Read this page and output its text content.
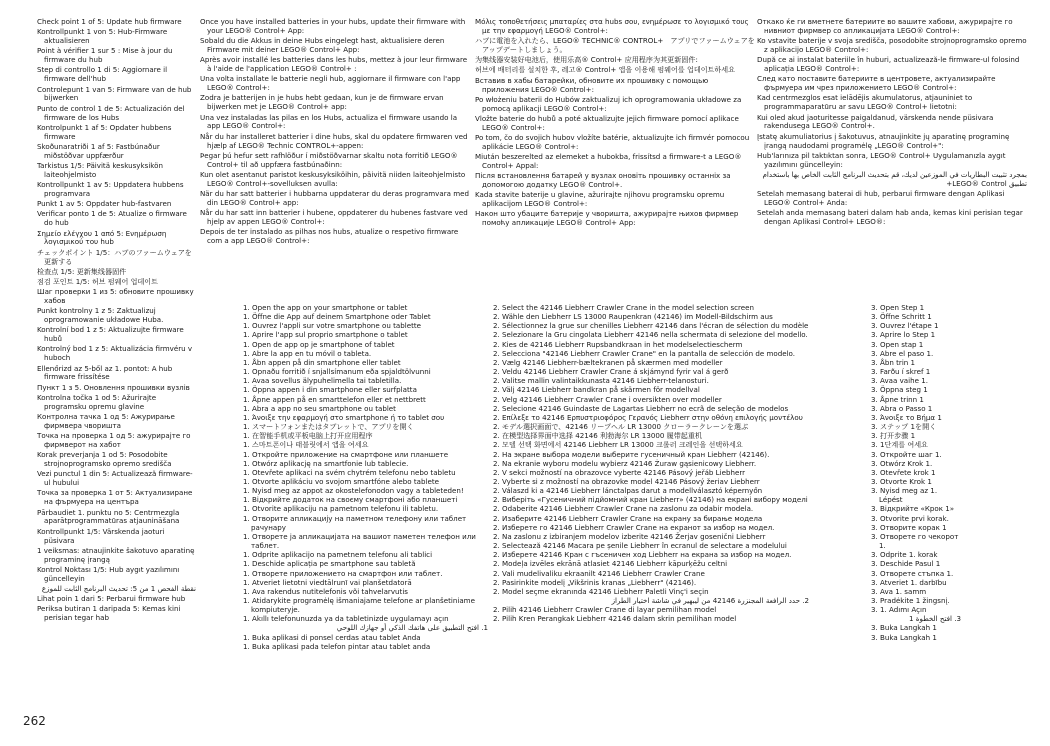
Check point 1 of 5: Update hub firmware

Kontrollpunkt 1 von 5: Hub-Firmware aktualisieren

Point à vérifier 1 sur 5 : Mise à jour du firmware du hub

Step di controllo 1 di 5: Aggiornare il firmware dell'hub

Controlepunt 1 van 5: Firmware van de hub bijwerken

Punto de control 1 de 5: Actualización del firmware de los Hubs

Kontrolpunkt 1 af 5: Opdater hubbens firmware

Skoðunaratriði 1 af 5: Fastbúnaður miðstöðvar uppfærður

Tarkistus 1/5: Päivitä keskusyksikön laiteohjelmisto

Kontrollpunkt 1 av 5: Uppdatera hubbens programvara

Punkt 1 av 5: Oppdater hub-fastvaren

Verificar ponto 1 de 5: Atualize o firmware do hub

Σημείο ελέγχου 1 από 5: Ενημέρωση λογισμικού του hub

チェックポイント 1/5：ハブのファームウェアを更新する

检查点 1/5: 更新集线器固件

점검 포인트 1/5: 허브 펌웨어 업데이트

Шаг проверки 1 из 5: обновите прошивку хабов

Punkt kontrolny 1 z 5: Zaktualizuj oprogramowanie układowe Huba.

Kontrolní bod 1 z 5: Aktualizujte firmware hubů

Kontrolný bod 1 z 5: Aktualizácia firmvéru v huboch

Ellenőrizd az 5-ből az 1. pontot: A hub firmware frissítése

Пункт 1 з 5. Оновлення прошивки вузлів

Kontrolna točka 1 od 5: Ažurirajte programsku opremu glavine

Контролна тачка 1 од 5: Ажурирање фирмвера чворишта

Точка на проверка 1 од 5: ажурирајте го фирмверот на хабот

Korak preverjanja 1 od 5: Posodobite strojnoprogramsko opremo središča

Vezi punctul 1 din 5: Actualizează firmware-ul hubului

Точка за проверка 1 от 5: Актуализиране на фърмуера на центъра

Pārbaudiet 1. punktu no 5: Centrmezgla aparātprogrammatūras atjaunināšana

Kontrollpunkt 1/5: Värskenda jaoturi püsivara

1 veiksmas: atnaujinkite šakotuvo aparatinę programinę įrangą

Kontrol Noktası 1/5: Hub aygıt yazılımını güncelleyin

نقطة الفحص 1 من 5: تحديث البرنامج الثابت للموزع

Lihat poin 1 dari 5: Perbarui firmware hub

Periksa butiran 1 daripada 5: Kemas kini perisian tegar hab

Once you have installed batteries in your hubs, update their firmware with your LEGO® Control+ App:

Sobald du die Akkus in deine Hubs eingelegt hast, aktualisiere deren Firmware mit deiner LEGO® Control+ App:

Après avoir installé les batteries dans les hubs, mettez à jour leur firmware à l'aide de l'application LEGO® Control+ :

Una volta installate le batterie negli hub, aggiornare il firmware con l'app LEGO® Control+:

Zodra je batterijen in je hubs hebt gedaan, kun je de firmware ervan bijwerken met je LEGO® Control+ app:

Una vez instaladas las pilas en los Hubs, actualiza el firmware usando la app LEGO® Control+:

Når du har installeret batterier i dine hubs, skal du opdatere firmwaren ved hjælp af LEGO® Technic CONTROL+-appen:

Þegar þú hefur sett rafhlöður í miðstöðvarnar skaltu nota forritið LEGO® Control+ til að uppfæra fastbúnaðinn:

Kun olet asentanut paristot keskusyksiköihin, päivitä niiden laiteohjelmisto LEGO® Control+-sovelluksen avulla:

När du har satt batterier i hubbarna uppdaterar du deras programvara med din LEGO® Control+ app:

Når du har satt inn batterier i hubene, oppdaterer du hubenes fastvare ved hjelp av appen LEGO® Control+:

Depois de ter instalado as pilhas nos hubs, atualize o respetivo firmware com a app LEGO® Control+:

Μόλις τοποθετήσεις μπαταρίες στα hubs σου, ενημέρωσε το λογισμικό τους με την εφαρμογή LEGO® Control+:

ハブに電池を入れたら、LEGO® TECHNIC® CONTROL+　アプリでファームウェアをアップデートしましょう。

为集线器安装好电池后，使用乐高® Control+ 应用程序为其更新固件:

허브에 배터리를 설치한 후, 레고® Control+ 앱을 이용해 펌웨어를 업데이트하세요

Вставив в хабы батарейки, обновите их прошивку с помощью приложения LEGO® Control+:

Po włożeniu baterii do Hubów zaktualizuj ich oprogramowania układowe za pomocą aplikacji LEGO® Control+:

Vložte baterie do hubů a poté aktualizujte jejich firmware pomocí aplikace LEGO® Control+:

Po tom, čo do svojich hubov vložíte batérie, aktualizujte ich firmvér pomocou aplikácie LEGO® Control+:

Miután beszerelted az elemeket a hubokba, frissítsd a firmware-t a LEGO® Control+ Appal:

Після встановлення батарей у вузлах оновіть прошивку останніх за допомогою додатку LEGO® Control+.

Kada stavite baterije u glavine, ažurirajte njihovu programsku opremu aplikacijom LEGO® Control+:

Након што убаците батерије у чворишта, ажурирајте њихов фирмвер помоћу апликације LEGO® Control+ App:

Откако ќе ги вметнете батериите во вашите хабови, ажурирајте го нивниот фирмвер со апликацијата LEGO® Control+:

Ko vstavite baterije v svoja središča, posodobite strojnoprogramsko opremo z aplikacijo LEGO® Control+:

După ce ai instalat bateriile în huburi, actualizează-le firmware-ul folosind aplicația LEGO® Control+:

След като поставите батериите в центровете, актуализирайте фърмуера им чрез приложението LEGO® Control+:

Kad centrmezglos esat ielādējis akumulatorus, atjauniniet to programmaparatūru ar savu LEGO® Control+ lietotni:

Kui oled akud jaoturitesse paigaldanud, värskenda nende püsivara rakendusega LEGO® Control+.

Įstatę akumuliatorius į šakotuvus, atnaujinkite jų aparatinę programinę įrangą naudodami programėlę „LEGO® Control+":

Hub'larınıza pil taktıktan sonra, LEGO® Control+ Uygulamanızla aygıt yazılımını güncelleyin:

بمجرد تثبيت البطاريات في الموزعين لديك، قم بتحديث البرنامج الثابت الخاص بها باستخدام تطبيق LEGO® Control+

Setelah memasang baterai di hub, perbarui firmware dengan Aplikasi LEGO® Control+ Anda:

Setelah anda memasang bateri dalam hab anda, kemas kini perisian tegar dengan Aplikasi Control+ LEGO®:

1. Open the app on your smartphone or tablet

1. Öffne die App auf deinem Smartphone oder Tablet

1. Ouvrez l'appli sur votre smartphone ou tablette

1. Aprire l'app sul proprio smartphone o tablet

1. Open de app op je smartphone of tablet

1. Abre la app en tu móvil o tableta.

1. Åbn appen på din smartphone eller tablet

1. Opnaðu forritið í snjallsímanum eða spjaldtölvunni

1. Avaa sovellus älypuhelimella tai tabletilla.

1. Öppna appen i din smartphone eller surfplatta

1. Åpne appen på en smarttelefon eller et nettbrett

1. Abra a app no seu smartphone ou tablet

1. Άνοιξε την εφαρμογή στο smartphone ή το tablet σου

1. スマートフォンまたはタブレットで、アプリを開く

1. 在智能手机或平板电脑上打开应用程序

1. 스마트폰이나 태블릿에서 앱을 여세요

1. Откройте приложение на смартфоне или планшете

1. Otwórz aplikację na smartfonie lub tablecie.

1. Otevřete aplikaci na svém chytrém telefonu nebo tabletu

1. Otvorte aplikáciu vo svojom smartfóne alebo tablete

1. Nyisd meg az appot az okostelefonodon vagy a tableteden!

1. Відкрийте додаток на своєму смартфоні або планшеті

1. Otvorite aplikaciju na pametnom telefonu ili tabletu.

1. Отворите апликацију на паметном телефону или таблет рачунару

1. Отворете ја апликацијата на вашиот паметен телефон или таблет.

1. Odprite aplikacijo na pametnem telefonu ali tablici

1. Deschide aplicația pe smartphone sau tabletă

1. Отворете приложението на смартфон или таблет.

1. Atveriet lietotni viedtālrunī vai planšetdatorā

1. Ava rakendus nutitelefonis või tahvelarvutis

1. Atidarykite programėlę išmaniajame telefone ar planšetiniame kompiuteryje.

1. Akıllı telefonunuzda ya da tabletinizde uygulamayı açın

1. افتح التطبيق على هاتفك الذكي أو جهازك اللوحي

1. Buka aplikasi di ponsel cerdas atau tablet Anda

1. Buka aplikasi pada telefon pintar atau tablet anda

2. Select the 42146 Liebherr Crawler Crane in the model selection screen

2. Wähle den Liebherr LS 13000 Raupenkran (42146) im Modell-Bildschirm aus

2. Sélectionnez la grue sur chenilles Liebherr 42146 dans l'écran de sélection du modèle

2. Selezionare la Gru cingolata Liebherr 42146 nella schermata di selezione del modello.

2. Kies de 42146 Liebherr Rupsbandkraan in het modelselectiescherm

2. Selecciona "42146 Liebherr Crawler Crane" en la pantalla de selección de modelo.

2. Vælg 42146 Liebherr-bæltekranen på skærmen med modeller

2. Veldu 42146 Liebherr Crawler Crane á skjámynd fyrir val á gerð

2. Valitse mallin valintaikkunasta 42146 Liebherr-telanosturi.

2. Välj 42146 Liebherr bandkran på skärmen för modellval

2. Velg 42146 Liebherr Crawler Crane i oversikten over modeller

2. Selecione 42146 Guindaste de Lagartas Liebherr no ecrã de seleção de modelos

2. Επίλεξε το 42146 Ερπυστριοφόρος Γερανός Liebherr στην οθόνη επιλογής μοντέλου

2. モデル選択画面で、42146 リープヘル LR 13000 クローラークレーンを選ぶ

2. 在模型选择界面中选择 42146 利勃海尔 LR 13000 履带起重机

2. 모델 선택 화면에서 42146 Liebherr LR 13000 크롤러 크레인을 선택하세요

2. На экране выбора модели выберите гусеничный кран Liebherr (42146).

2. Na ekranie wyboru modelu wybierz 42146 Żuraw gąsienicowy Liebherr.

2. V sekci možností na obrazovce vyberte 42146 Pásový jeřáb Liebherr

2. Vyberte si z možností na obrazovke model 42146 Pásový žeriav Liebherr

2. Válaszd ki a 42146 Liebherr lánctalpas darut a modellválasztó képernyőn

2. Виберіть «Гусеничний підйомний кран Liebherr» (42146) на екрані вибору моделі

2. Odaberite 42146 Liebherr Crawler Crane na zaslonu za odabir modela.

2. Изаберите 42146 Liebherr Crawler Crane на екрану за бирање модела

2. Изберете го 42146 Liebherr Crawler Crane на екранот за избор на модел.

2. Na zaslonu z izbiranjem modelov izberite 42146 Žerjav gosenični Liebherr

2. Selectează 42146 Macara pe șenile Liebherr în ecranul de selectare a modelului

2. Изберете 42146 Кран с гъсеничен ход Liebherr на екрана за избор на модел.

2. Modeļa izvēles ekrānā atlasiet 42146 Liebherr kāpurķēžu celtni

2. Vali mudelivaliku ekraanilt 42146 Liebherr Crawler Crane

2. Pasirinkite modelį „Vikšrinis kranas „Liebherr" (42146).

2. Model seçme ekranında 42146 Liebherr Paletli Vinç'i seçin

2. حدد الرافعة المجنزرة 42146 من ليبهير في شاشة اختيار الطراز

2. Pilih 42146 Liebherr Crawler Crane di layar pemilihan model

2. Pilih Kren Perangkak Liebherr 42146 dalam skrin pemilihan model

3. Open Step 1

3. Öffne Schritt 1

3. Ouvrez l'étape 1

3. Aprire lo Step 1

3. Open stap 1

3. Abre el paso 1.

3. Åbn trin 1

3. Farðu í skref 1

3. Avaa vaihe 1.

3. Öppna steg 1

3. Åpne trinn 1

3. Abra o Passo 1

3. Άνοιξε το Βήμα 1

3. ステップ 1を開く

3. 打开步骤 1

3. 1단계를 여세요

3. Откройте шаг 1.

3. Otwórz Krok 1.

3. Otevřete krok 1

3. Otvorte Krok 1

3. Nyisd meg az 1. Lépést

3. Відкрийте «Крок 1»

3. Otvorite prvi korak.

3. Отворите корак 1

3. Отворете го чекорот 1.

3. Odprite 1. korak

3. Deschide Pasul 1

3. Отворете стъпка 1.

3. Atveriet 1. darbību

3. Ava 1. samm

3. Pradėkite 1 žingsnį.

3. 1. Adımı Açın

3. افتح الخطوة 1

3. Buka Langkah 1

3. Buka Langkah 1

262
